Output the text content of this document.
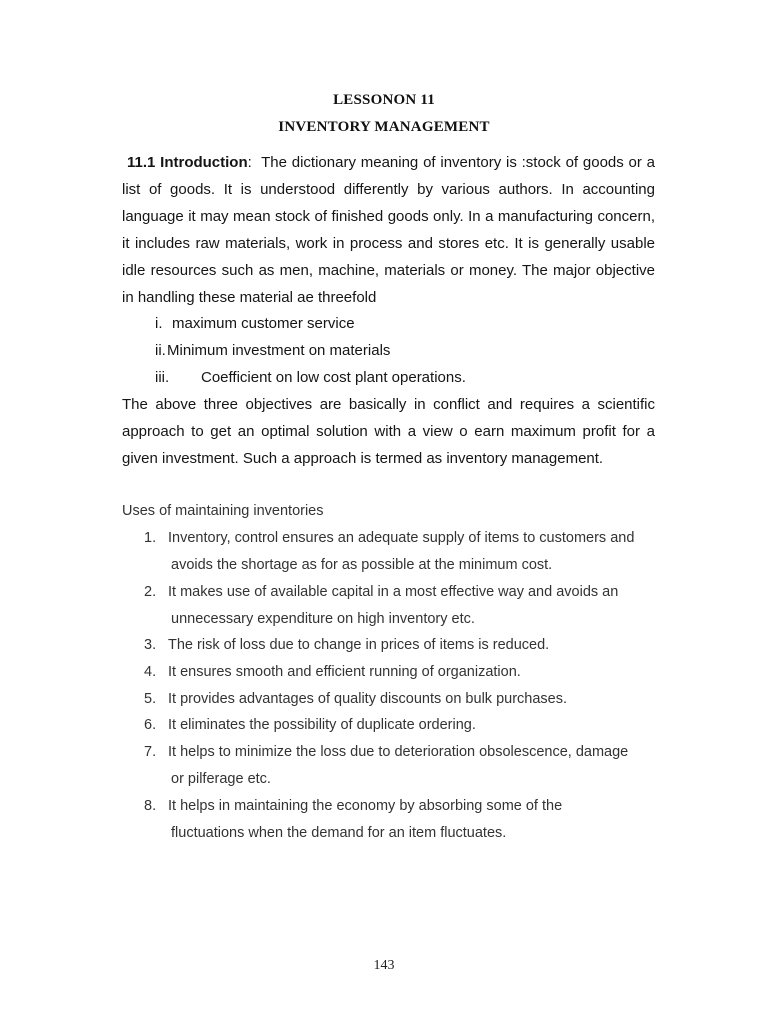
LESSONON 11
INVENTORY MANAGEMENT
11.1 Introduction: The dictionary meaning of inventory is :stock of goods or a
list of goods. It is understood differently by various authors. In accounting
language it may mean stock of finished goods only. In a manufacturing concern,
it includes raw materials, work in process and stores etc. It is generally usable
idle resources such as men, machine, materials or money. The major objective
in handling these material ae threefold
i. maximum customer service
ii. Minimum investment on materials
iii. Coefficient on low cost plant operations.
The above three objectives are basically in conflict and requires a scientific
approach to get an optimal solution with a view o earn maximum profit for a
given investment. Such a approach is termed as inventory management.
Uses of maintaining inventories
1. Inventory, control ensures an adequate supply of items to customers and
avoids the shortage as for as possible at the minimum cost.
2. It makes use of available capital in a most effective way and avoids an
unnecessary expenditure on high inventory etc.
3. The risk of loss due to change in prices of items is reduced.
4. It ensures smooth and efficient running of organization.
5. It provides advantages of quality discounts on bulk purchases.
6. It eliminates the possibility of duplicate ordering.
7. It helps to minimize the loss due to deterioration obsolescence, damage
or pilferage etc.
8. It helps in maintaining the economy by absorbing some of the
fluctuations when the demand for an item fluctuates.
143
